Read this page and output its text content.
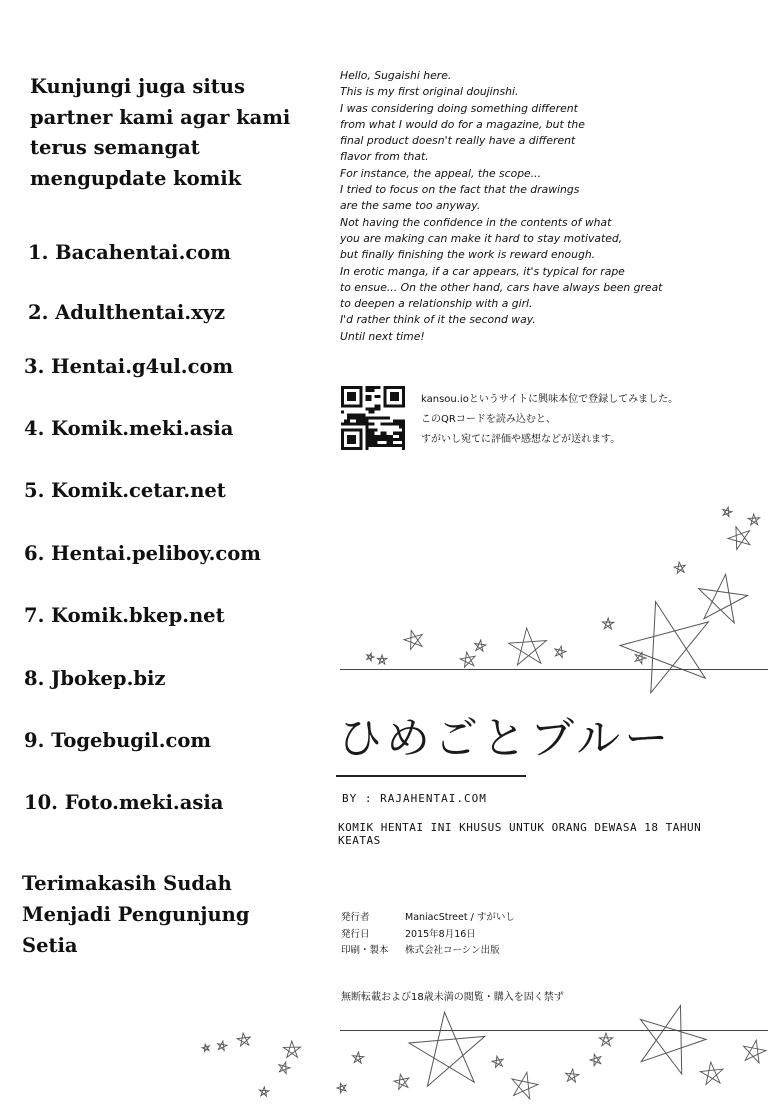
Kunjungi juga situs
partner kami agar kami
terus semangat
mengupdate komik
1. Bacahentai.com
2. Adulthentai.xyz
3. Hentai.g4ul.com
4. Komik.meki.asia
5. Komik.cetar.net
6. Hentai.peliboy.com
7. Komik.bkep.net
8. Jbokep.biz
9. Togebugil.com
10. Foto.meki.asia
Terimakasih Sudah
Menjadi Pengunjung
Setia
Hello, Sugaishi here.
This is my first original doujinshi.
I was considering doing something different
from what I would do for a magazine, but the
final product doesn't really have a different
flavor from that.
For instance, the appeal, the scope...
I tried to focus on the fact that the drawings
are the same too anyway.
Not having the confidence in the contents of what
you are making can make it hard to stay motivated,
but finally finishing the work is reward enough.
In erotic manga, if a car appears, it's typical for rape
to ensue... On the other hand, cars have always been great
to deepen a relationship with a girl.
I'd rather think of it the second way.
Until next time!
kansou.ioというサイトに興味本位で登録してみました。
このQRコードを読み込むと、
すがいし宛てに評価や感想などが送れます。
ひめごとブルー
BY : RAJAHENTAI.COM
KOMIK HENTAI INI KHUSUS UNTUK ORANG DEWASA 18 TAHUN KEATAS
発行者	ManiacStreet / すがいし
発行日	2015年8月16日
印刷・製本	株式会社コーシン出版
無断転載および18歳未満の閲覧・購入を固く禁ず
